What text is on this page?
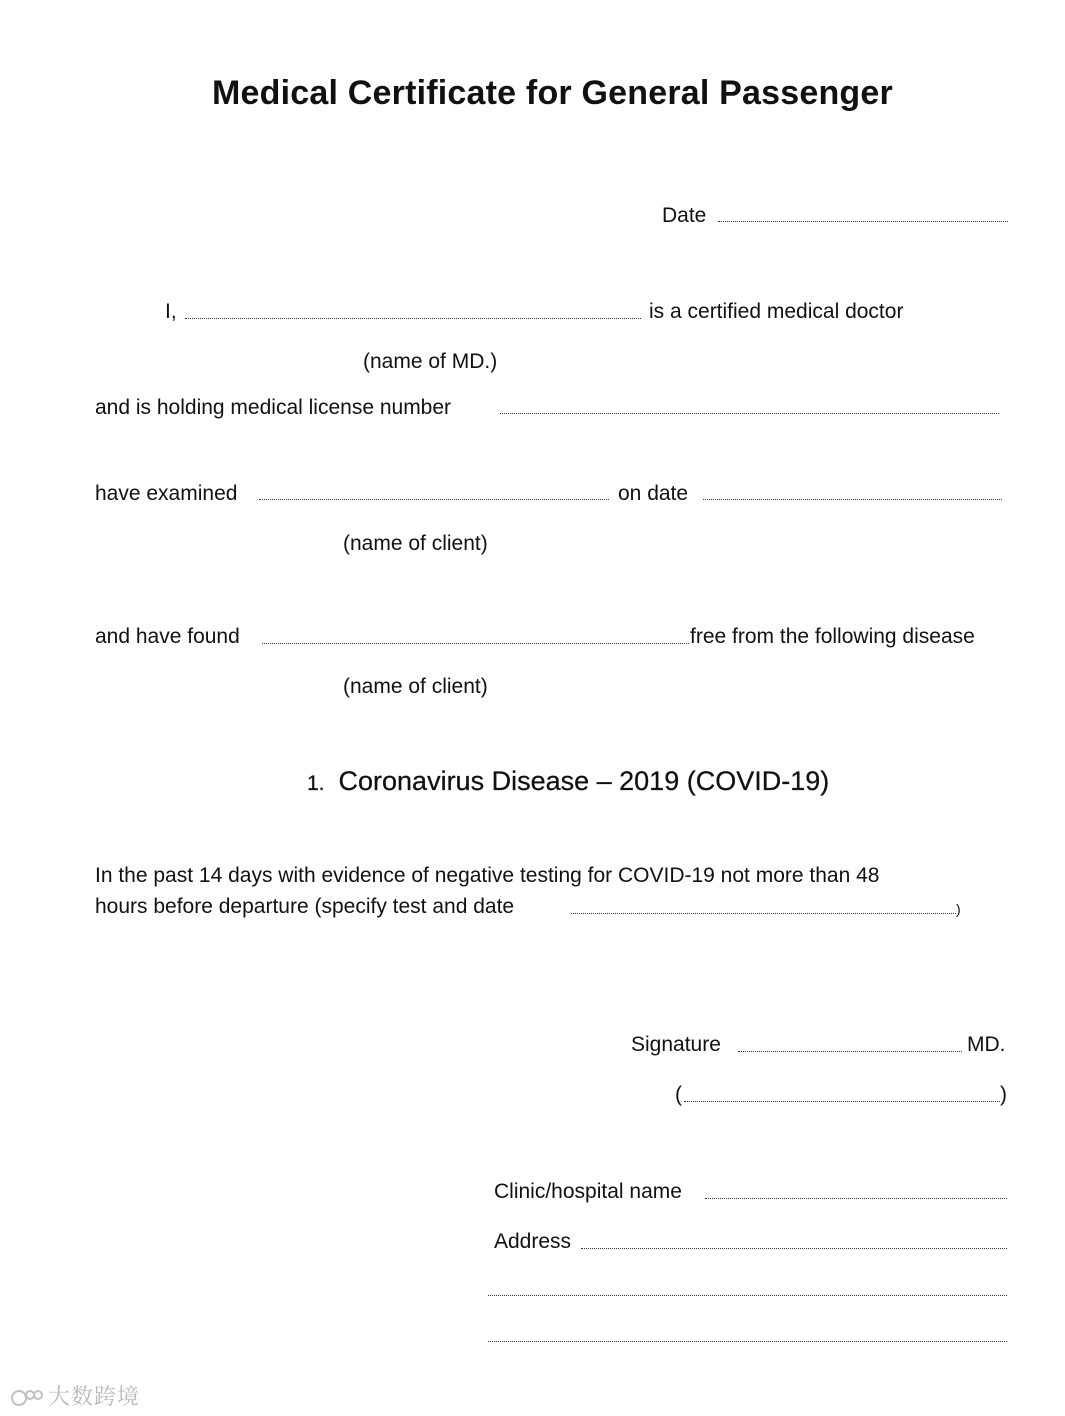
Medical Certificate for General Passenger
Date
I,	is a certified medical doctor
(name of MD.)
and is holding medical license number
have examined	on date
(name of client)
and have found	free from the following disease
(name of client)
1. Coronavirus Disease – 2019 (COVID-19)
In the past 14 days with evidence of negative testing for COVID-19 not more than 48
hours before departure (specify test and date	)
Signature	MD.
(	)
Clinic/hospital name
Address
大数跨境
